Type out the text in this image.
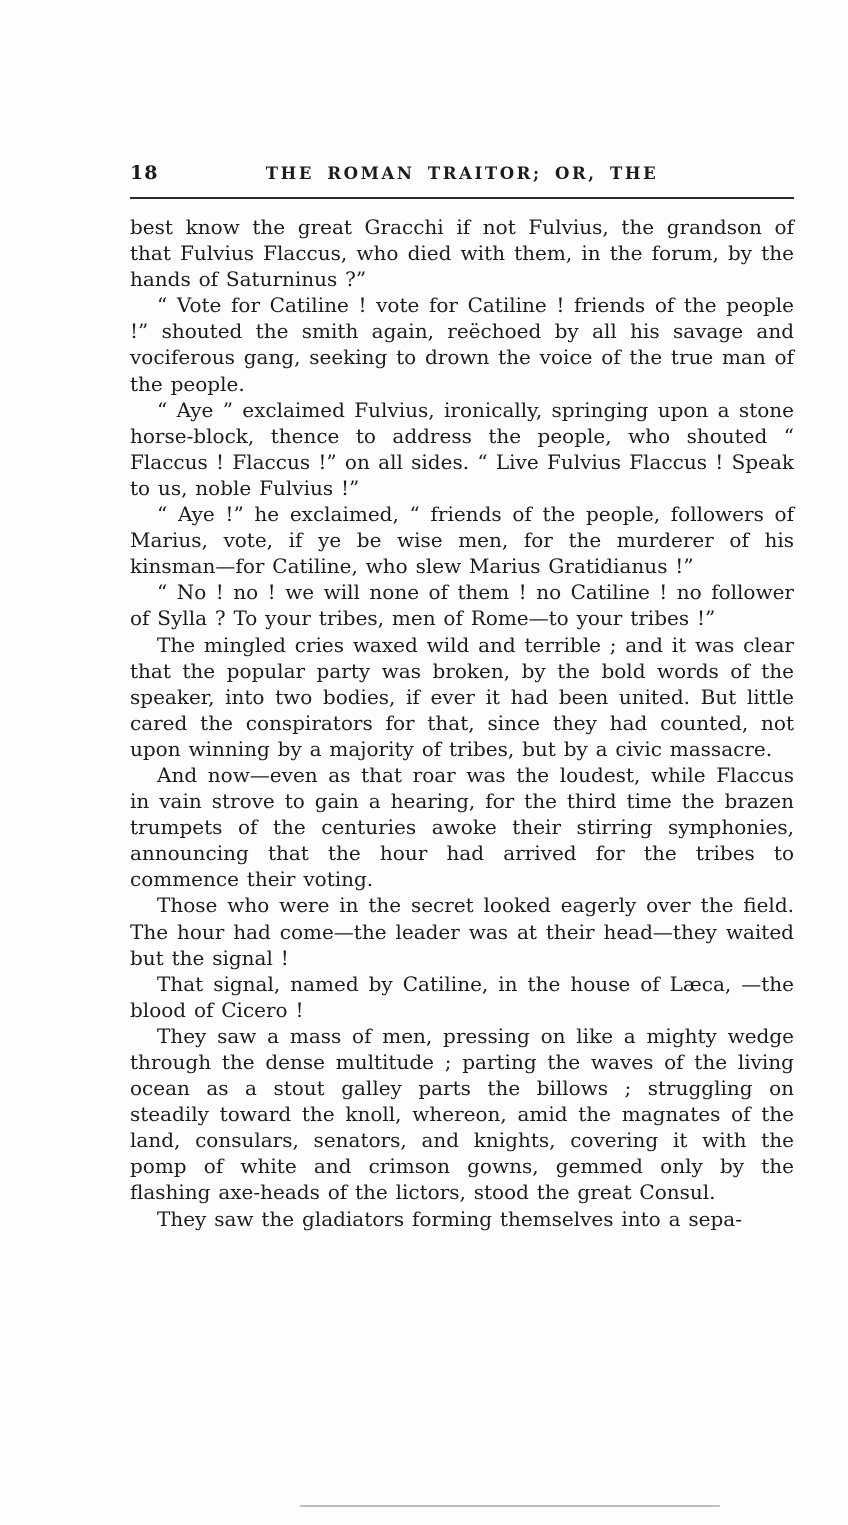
18	THE ROMAN TRAITOR; OR, THE

best know the great Gracchi if not Fulvius, the grandson of that Fulvius Flaccus, who died with them, in the forum, by the hands of Saturninus ?”

“ Vote for Catiline ! vote for Catiline ! friends of the people !” shouted the smith again, reëchoed by all his savage and vociferous gang, seeking to drown the voice of the true man of the people.

“ Aye ” exclaimed Fulvius, ironically, springing upon a stone horse-block, thence to address the people, who shouted “ Flaccus ! Flaccus !” on all sides. “ Live Fulvius Flaccus ! Speak to us, noble Fulvius !”

“ Aye !” he exclaimed, “ friends of the people, followers of Marius, vote, if ye be wise men, for the murderer of his kinsman—for Catiline, who slew Marius Gratidianus !”

“ No ! no ! we will none of them ! no Catiline ! no follower of Sylla ? To your tribes, men of Rome—to your tribes !”

The mingled cries waxed wild and terrible ; and it was clear that the popular party was broken, by the bold words of the speaker, into two bodies, if ever it had been united. But little cared the conspirators for that, since they had counted, not upon winning by a majority of tribes, but by a civic massacre.

And now—even as that roar was the loudest, while Flaccus in vain strove to gain a hearing, for the third time the brazen trumpets of the centuries awoke their stirring symphonies, announcing that the hour had arrived for the tribes to commence their voting.

Those who were in the secret looked eagerly over the field. The hour had come—the leader was at their head—they waited but the signal !

That signal, named by Catiline, in the house of Læca, —the blood of Cicero !

They saw a mass of men, pressing on like a mighty wedge through the dense multitude ; parting the waves of the living ocean as a stout galley parts the billows ; struggling on steadily toward the knoll, whereon, amid the magnates of the land, consulars, senators, and knights, covering it with the pomp of white and crimson gowns, gemmed only by the flashing axe-heads of the lictors, stood the great Consul.

They saw the gladiators forming themselves into a sepa-
